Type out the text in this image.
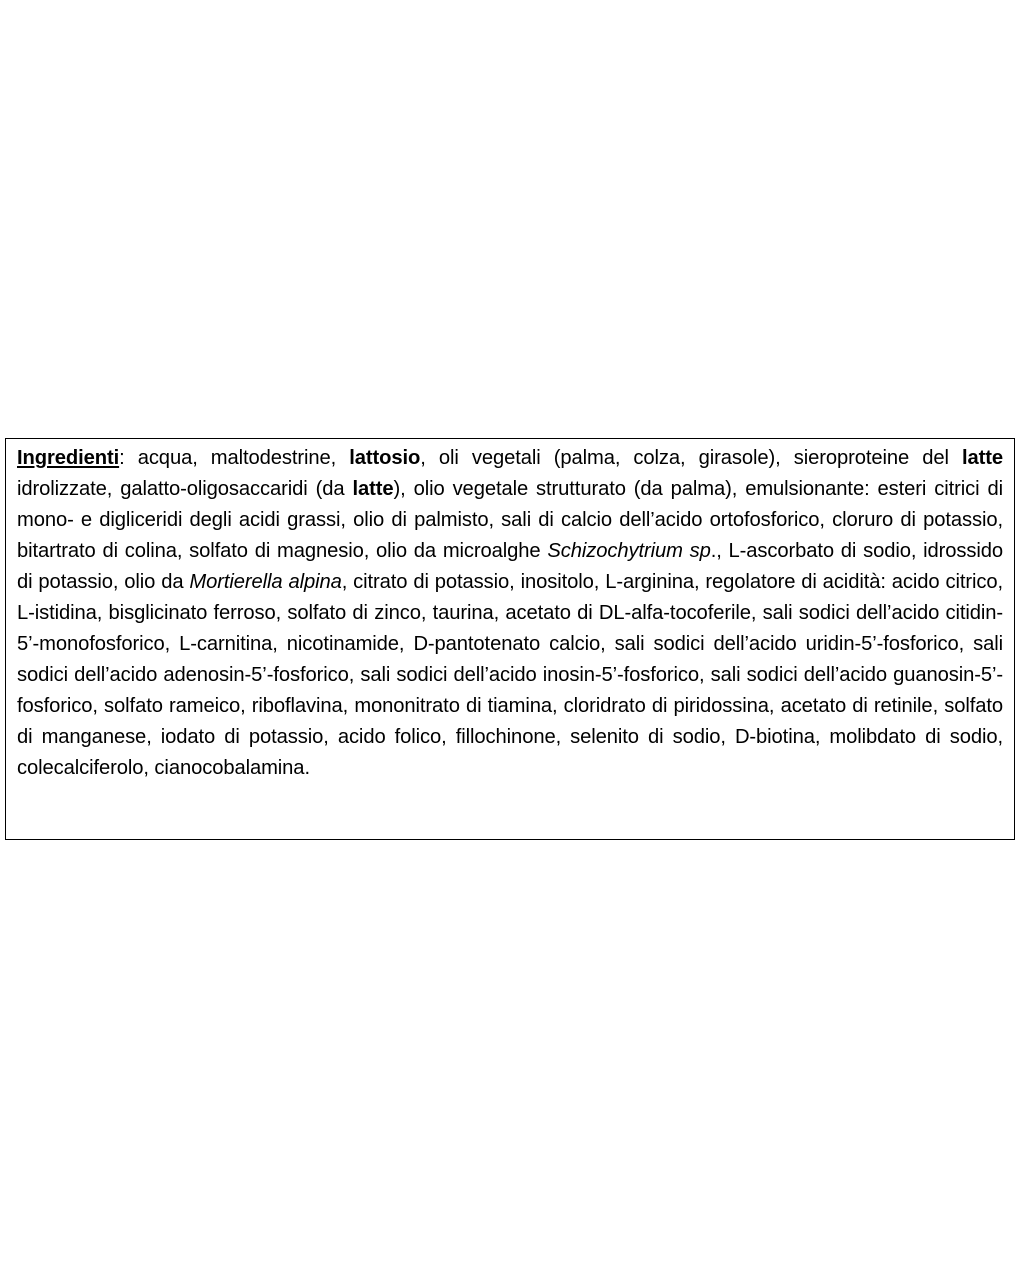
Ingredienti: acqua, maltodestrine, lattosio, oli vegetali (palma, colza, girasole), sieroproteine del latte idrolizzate, galatto-oligosaccaridi (da latte), olio vegetale strutturato (da palma), emulsionante: esteri citrici di mono- e digliceridi degli acidi grassi, olio di palmisto, sali di calcio dell’acido ortofosforico, cloruro di potassio, bitartrato di colina, solfato di magnesio, olio da microalghe Schizochytrium sp., L-ascorbato di sodio, idrossido di potassio, olio da Mortierella alpina, citrato di potassio, inositolo, L-arginina, regolatore di acidità: acido citrico, L-istidina, bisglicinato ferroso, solfato di zinco, taurina, acetato di DL-alfa-tocoferile, sali sodici dell’acido citidin-5’-monofosforico, L-carnitina, nicotinamide, D-pantotenato calcio, sali sodici dell’acido uridin-5’-fosforico, sali sodici dell’acido adenosin-5’-fosforico, sali sodici dell’acido inosin-5’-fosforico, sali sodici dell’acido guanosin-5’-fosforico, solfato rameico, riboflavina, mononitrato di tiamina, cloridrato di piridossina, acetato di retinile, solfato di manganese, iodato di potassio, acido folico, fillochinone, selenito di sodio, D-biotina, molibdato di sodio, colecalciferolo, cianocobalamina.
